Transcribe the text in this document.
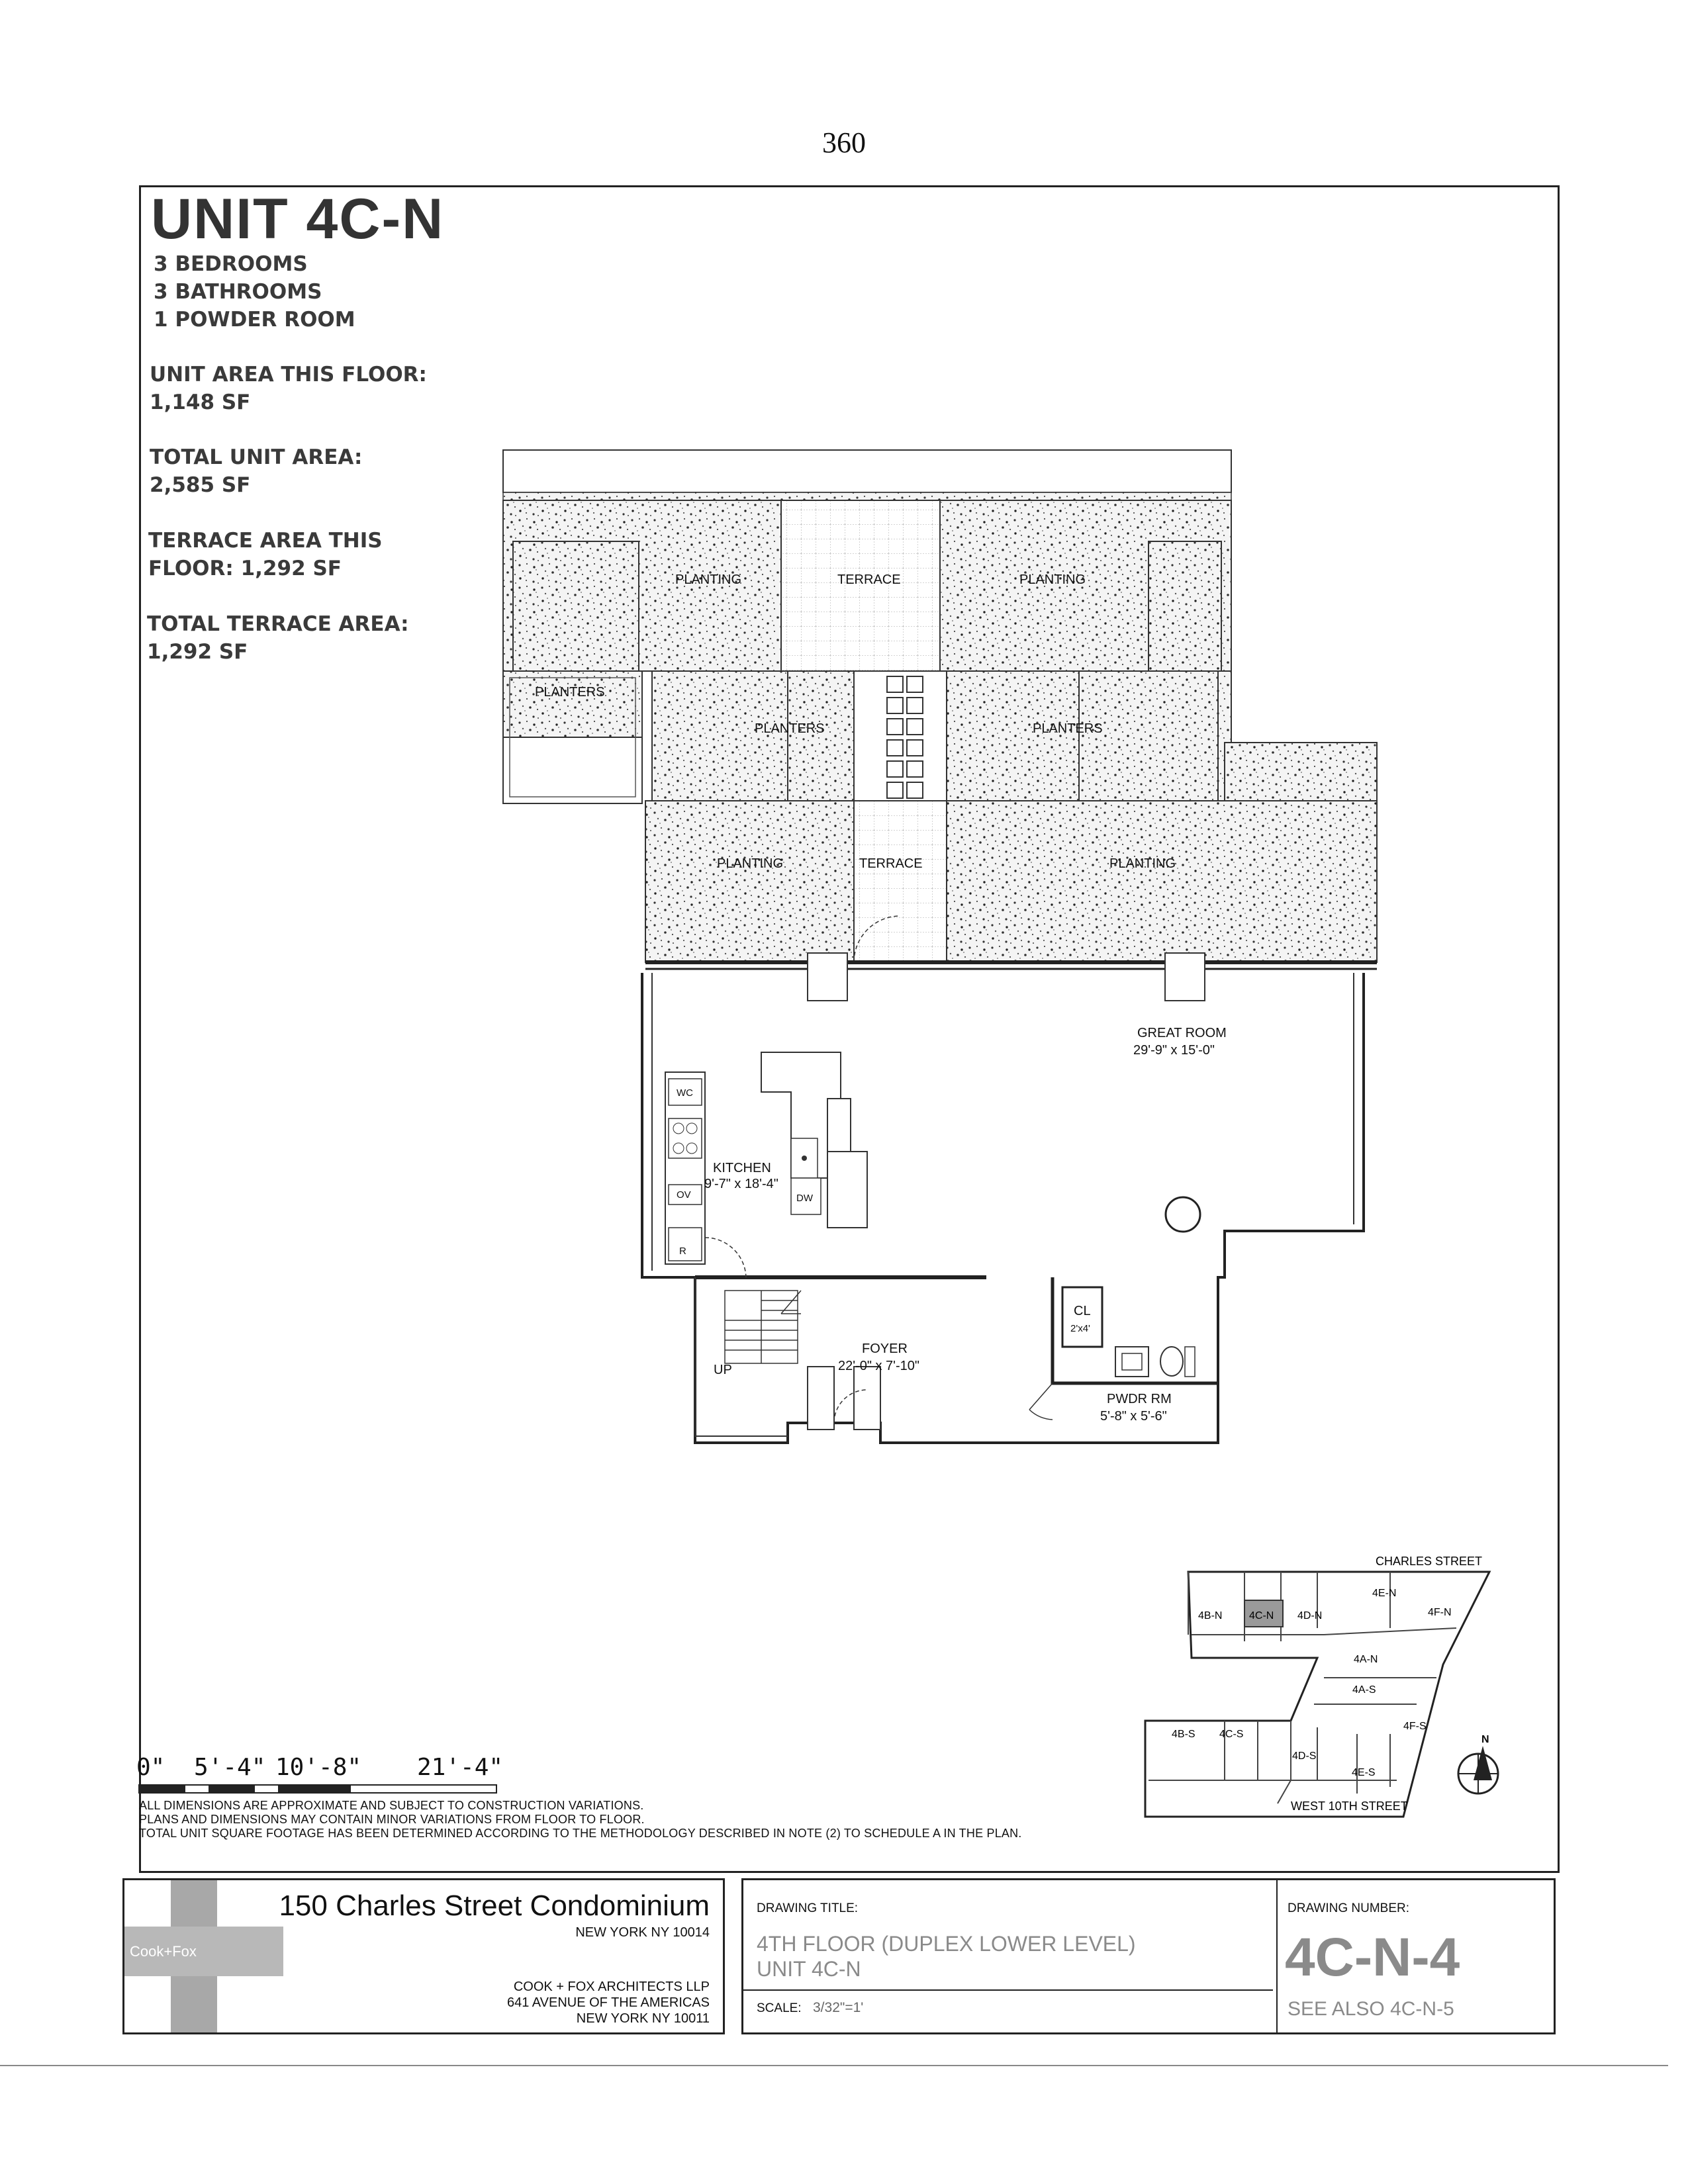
360
UNIT 4C-N
3 BEDROOMS
3 BATHROOMS
1 POWDER ROOM
UNIT AREA THIS FLOOR:
1,148 SF
TOTAL UNIT AREA:
2,585 SF
TERRACE AREA THIS
FLOOR: 1,292 SF
TOTAL TERRACE AREA:
1,292 SF
PLANTING	TERRACE	PLANTING
PLANTERS
PLANTERS	PLANTERS
PLANTING	TERRACE	PLANTING
GREAT ROOM
29'-9" x 15'-0"
KITCHEN
9'-7" x 18'-4"
WC
OV
R
DW
FOYER
22'-0" x 7'-10"
UP
CL
2'x4'
PWDR RM
5'-8" x 5'-6"
CHARLES STREET
WEST 10TH STREET
4E-N
4B-N	4C-N 4D-N	4F-N
4A-N
4A-S
4B-S 4C-S
4D-S
4E-S
4F-S
N
0" 5'-4" 10'-8" 21'-4"
ALL DIMENSIONS ARE APPROXIMATE AND SUBJECT TO CONSTRUCTION VARIATIONS.
PLANS AND DIMENSIONS MAY CONTAIN MINOR VARIATIONS FROM FLOOR TO FLOOR.
TOTAL UNIT SQUARE FOOTAGE HAS BEEN DETERMINED ACCORDING TO THE METHODOLOGY DESCRIBED IN NOTE (2) TO SCHEDULE A IN THE PLAN.
Cook+Fox
150 Charles Street Condominium
NEW YORK NY 10014
COOK + FOX ARCHITECTS LLP
641 AVENUE OF THE AMERICAS
NEW YORK NY 10011
DRAWING TITLE:
4TH FLOOR (DUPLEX LOWER LEVEL)
UNIT 4C-N
SCALE: 3/32"=1'
DRAWING NUMBER:
4C-N-4
SEE ALSO 4C-N-5
